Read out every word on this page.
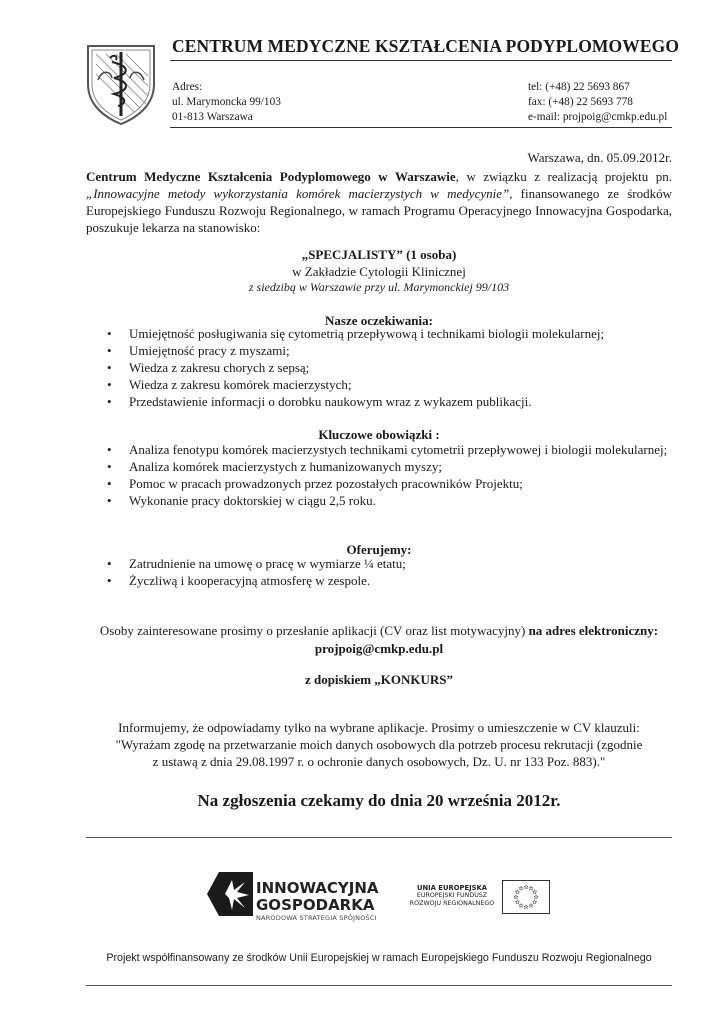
CENTRUM MEDYCZNE KSZTAŁCENIA PODYPLOMOWEGO
Adres:
ul. Marymoncka 99/103
01-813 Warszawa
tel: (+48) 22 5693 867
fax: (+48) 22 5693 778
e-mail: projpoig@cmkp.edu.pl
Warszawa, dn. 05.09.2012r.
Centrum Medyczne Kształcenia Podyplomowego w Warszawie, w związku z realizacją projektu pn. „Innowacyjne metody wykorzystania komórek macierzystych w medycynie”, finansowanego ze środków Europejskiego Funduszu Rozwoju Regionalnego, w ramach Programu Operacyjnego Innowacyjna Gospodarka, poszukuje lekarza na stanowisko:
„SPECJALISTY” (1 osoba)
w Zakładzie Cytologii Klinicznej
z siedzibą w Warszawie przy ul. Marymonckiej 99/103
Nasze oczekiwania:
• Umiejętność posługiwania się cytometrią przepływową i technikami biologii molekularnej;
• Umiejętność pracy z myszami;
• Wiedza z zakresu chorych z sepsą;
• Wiedza z zakresu komórek macierzystych;
• Przedstawienie informacji o dorobku naukowym wraz z wykazem publikacji.
Kluczowe obowiązki :
• Analiza fenotypu komórek macierzystych technikami cytometrii przepływowej i biologii molekularnej;
• Analiza komórek macierzystych z humanizowanych myszy;
• Pomoc w pracach prowadzonych przez pozostałych pracowników Projektu;
• Wykonanie pracy doktorskiej w ciągu 2,5 roku.
Oferujemy:
• Zatrudnienie na umowę o pracę w wymiarze ¼ etatu;
• Życzliwą i kooperacyjną atmosferę w zespole.
Osoby zainteresowane prosimy o przesłanie aplikacji (CV oraz list motywacyjny) na adres elektroniczny:
projpoig@cmkp.edu.pl
z dopiskiem „KONKURS”
Informujemy, że odpowiadamy tylko na wybrane aplikacje. Prosimy o umieszczenie w CV klauzuli:
"Wyrażam zgodę na przetwarzanie moich danych osobowych dla potrzeb procesu rekrutacji (zgodnie
z ustawą z dnia 29.08.1997 r. o ochronie danych osobowych, Dz. U. nr 133 Poz. 883)."
Na zgłoszenia czekamy do dnia 20 września 2012r.
INNOWACYJNA
GOSPODARKA
NARODOWA STRATEGIA SPÓJNOŚCI
UNIA EUROPEJSKA
EUROPEJSKI FUNDUSZ
ROZWOJU REGIONALNEGO
Projekt współfinansowany ze środków Unii Europejskiej w ramach Europejskiego Funduszu Rozwoju Regionalnego
